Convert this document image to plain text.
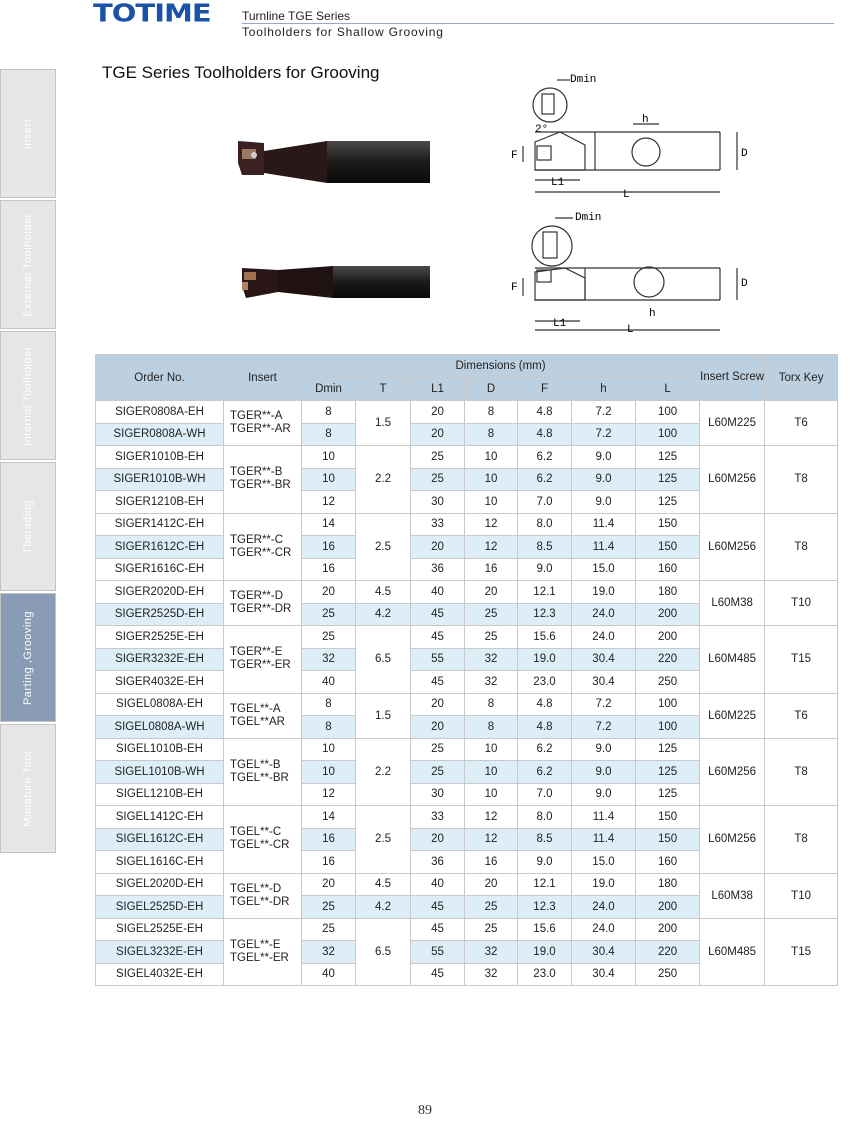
TOTIME	Turnline TGE Series
Toolholders for Shallow Grooving
TGE Series Toolholders for Grooving
Insert
External Toolholder
Internal Toolholder
Therading
Parting ,Grooving
Miniature Tool
Dmin
2°
h
D
F
L1
L
Dmin
h
D
F
L1	L
Order No.	Insert	Dimensions (mm)							Insert Screw	Torx Key
		Dmin	T	L1	D	F	h	L		
SIGER0808A-EH	TGER**-A TGER**-AR	8	1.5	20	8	4.8	7.2	100	L60M225	T6
SIGER0808A-WH		8		20	8	4.8	7.2	100		
SIGER1010B-EH	TGER**-B TGER**-BR	10	2.2	25	10	6.2	9.0	125	L60M256	T8
SIGER1010B-WH		10		25	10	6.2	9.0	125		
SIGER1210B-EH		12		30	10	7.0	9.0	125		
SIGER1412C-EH	TGER**-C TGER**-CR	14	2.5	33	12	8.0	11.4	150	L60M256	T8
SIGER1612C-EH		16		20	12	8.5	11.4	150		
SIGER1616C-EH		16		36	16	9.0	15.0	160		
SIGER2020D-EH	TGER**-D TGER**-DR	20	4.5	40	20	12.1	19.0	180	L60M38	T10
SIGER2525D-EH		25	4.2	45	25	12.3	24.0	200		
SIGER2525E-EH	TGER**-E TGER**-ER	25	6.5	45	25	15.6	24.0	200	L60M485	T15
SIGER3232E-EH		32		55	32	19.0	30.4	220		
SIGER4032E-EH		40		45	32	23.0	30.4	250		
SIGEL0808A-EH	TGEL**-A TGEL**AR	8	1.5	20	8	4.8	7.2	100	L60M225	T6
SIGEL0808A-WH		8		20	8	4.8	7.2	100		
SIGEL1010B-EH	TGEL**-B TGEL**-BR	10	2.2	25	10	6.2	9.0	125	L60M256	T8
SIGEL1010B-WH		10		25	10	6.2	9.0	125		
SIGEL1210B-EH		12		30	10	7.0	9.0	125		
SIGEL1412C-EH	TGEL**-C TGEL**-CR	14	2.5	33	12	8.0	11.4	150	L60M256	T8
SIGEL1612C-EH		16		20	12	8.5	11.4	150		
SIGEL1616C-EH		16		36	16	9.0	15.0	160		
SIGEL2020D-EH	TGEL**-D TGEL**-DR	20	4.5	40	20	12.1	19.0	180	L60M38	T10
SIGEL2525D-EH		25	4.2	45	25	12.3	24.0	200		
SIGEL2525E-EH	TGEL**-E TGEL**-ER	25	6.5	45	25	15.6	24.0	200	L60M485	T15
SIGEL3232E-EH		32		55	32	19.0	30.4	220		
SIGEL4032E-EH		40		45	32	23.0	30.4	250		
89
